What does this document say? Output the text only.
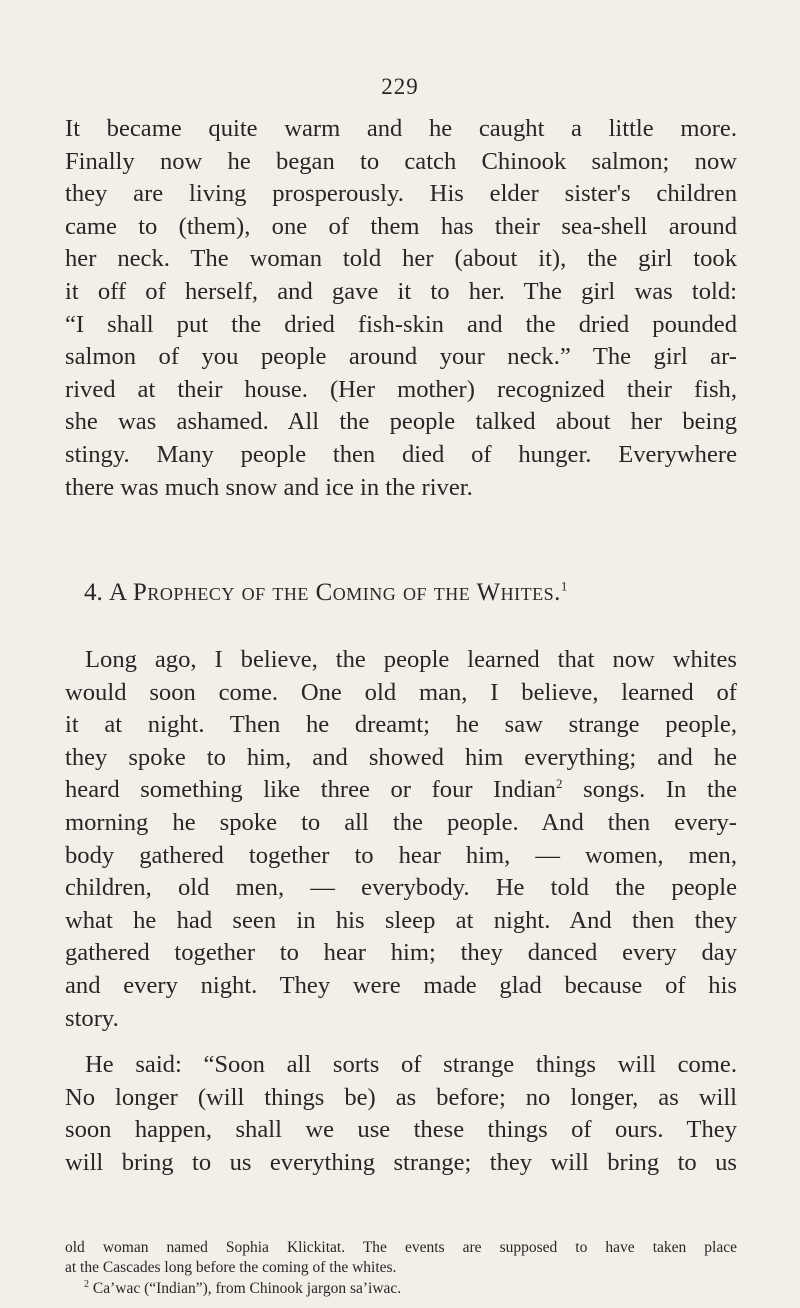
229

It became quite warm and he caught a little more.

Finally now he began to catch Chinook salmon; now

they are living prosperously. His elder sister's children

came to (them), one of them has their sea-shell around

her neck. The woman told her (about it), the girl took

it off of herself, and gave it to her. The girl was told:

“I shall put the dried fish-skin and the dried pounded

salmon of you people around your neck.” The girl ar-

rived at their house. (Her mother) recognized their fish,

she was ashamed. All the people talked about her being

stingy. Many people then died of hunger. Everywhere

there was much snow and ice in the river.

4. A Prophecy of the Coming of the Whites.$^1$

Long ago, I believe, the people learned that now whites

would soon come. One old man, I believe, learned of

it at night. Then he dreamt; he saw strange people,

they spoke to him, and showed him everything; and he

heard something like three or four Indian$^2$ songs. In the

morning he spoke to all the people. And then every-

body gathered together to hear him, — women, men,

children, old men, — everybody. He told the people

what he had seen in his sleep at night. And then they

gathered together to hear him; they danced every day

and every night. They were made glad because of his

story.

He said: “Soon all sorts of strange things will come.

No longer (will things be) as before; no longer, as will

soon happen, shall we use these things of ours. They

will bring to us everything strange; they will bring to us

old woman named Sophia Klickitat. The events are supposed to have taken place

at the Cascades long before the coming of the whites.

$^2$ Ca’wac (“Indian”), from Chinook jargon sa’iwac.
